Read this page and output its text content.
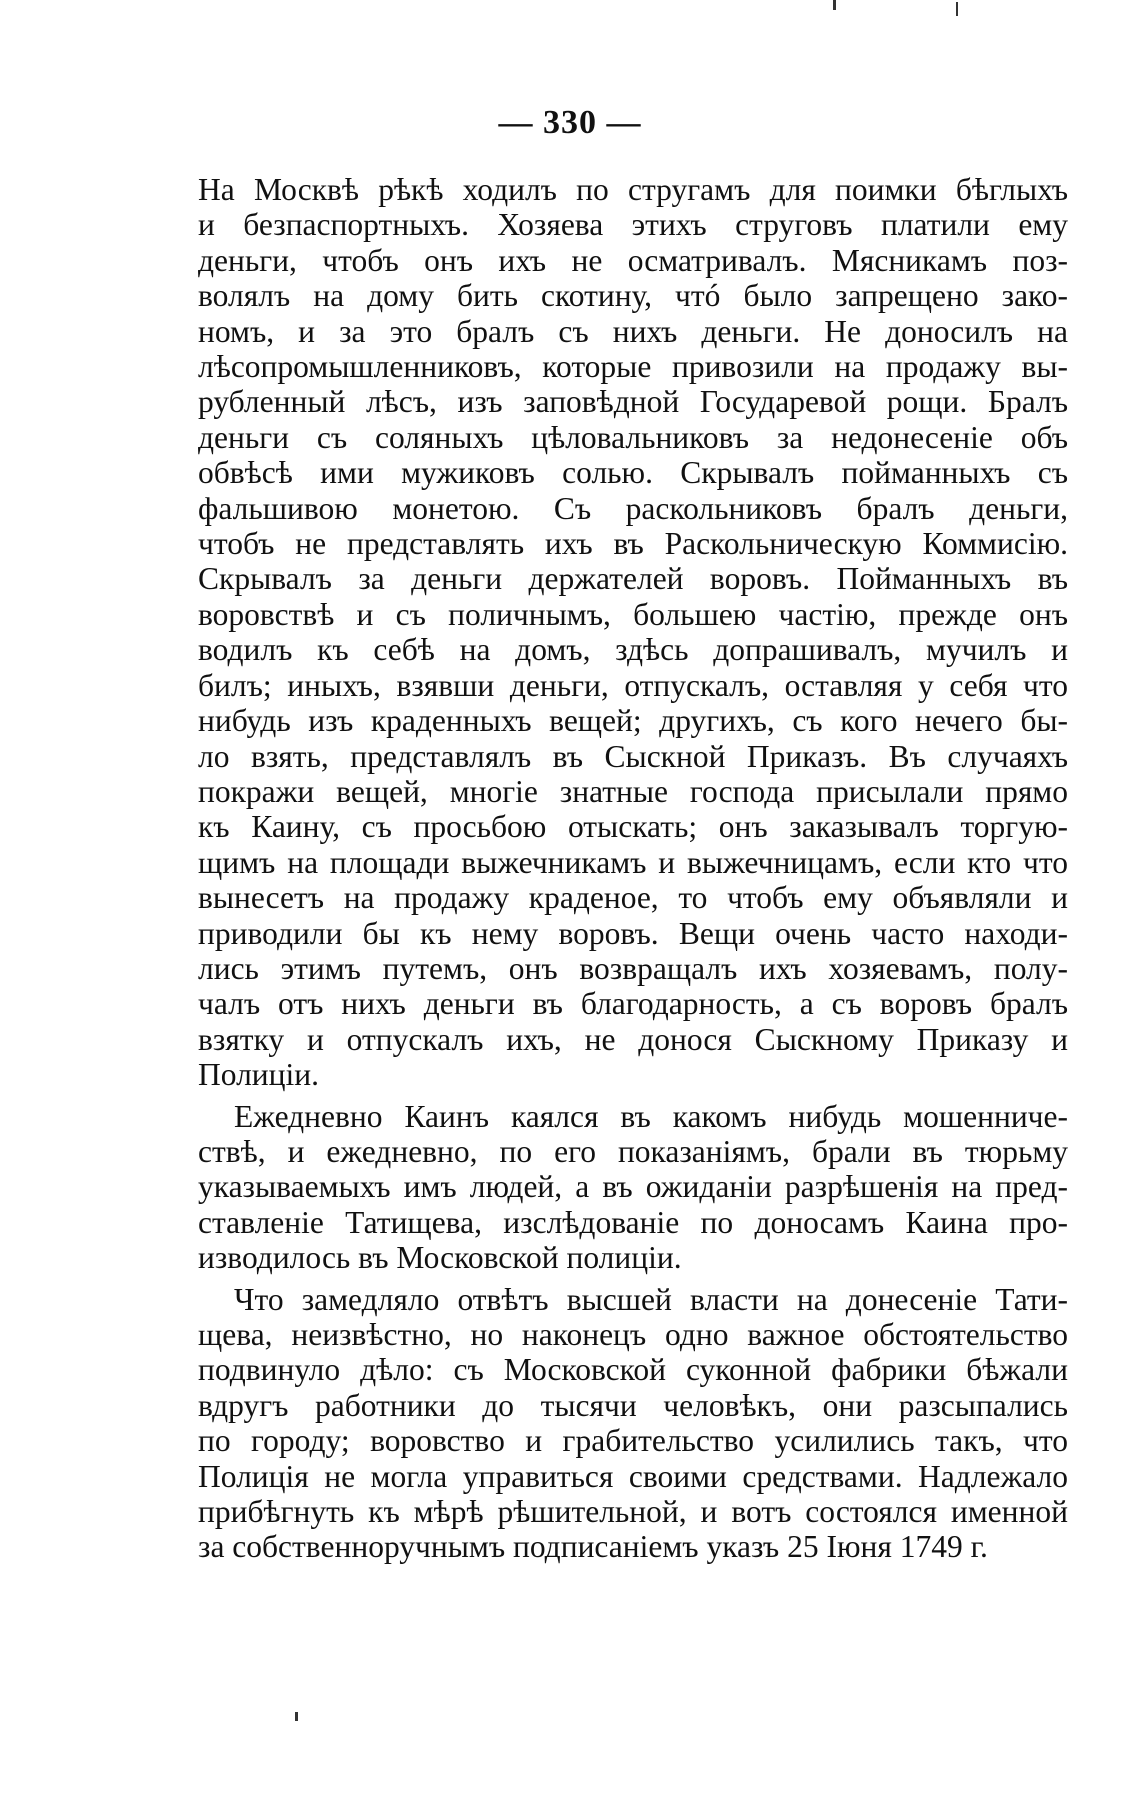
— 330 —

На Москвѣ рѣкѣ ходилъ по стругамъ для поимки бѣглыхъ
и безпаспортныхъ. Хозяева этихъ струговъ платили ему
деньги, чтобъ онъ ихъ не осматривалъ. Мясникамъ поз-
волялъ на дому бить скотину, чтó было запрещено зако-
номъ, и за это бралъ съ нихъ деньги. Не доносилъ на
лѣсопромышленниковъ, которые привозили на продажу вы-
рубленный лѣсъ, изъ заповѣдной Государевой рощи. Бралъ
деньги съ соляныхъ цѣловальниковъ за недонесеніе объ
обвѣсѣ ими мужиковъ солью. Скрывалъ пойманныхъ съ
фальшивою монетою. Съ раскольниковъ бралъ деньги,
чтобъ не представлять ихъ въ Раскольническую Коммисію.
Скрывалъ за деньги держателей воровъ. Пойманныхъ въ
воровствѣ и съ поличнымъ, большею частію, прежде онъ
водилъ къ себѣ на домъ, здѣсь допрашивалъ, мучилъ и
билъ; иныхъ, взявши деньги, отпускалъ, оставляя у себя что
нибудь изъ краденныхъ вещей; другихъ, съ кого нечего бы-
ло взять, представлялъ въ Сыскной Приказъ. Въ случаяхъ
покражи вещей, многіе знатные господа присылали прямо
къ Каину, съ просьбою отыскать; онъ заказывалъ торгую-
щимъ на площади выжечникамъ и выжечницамъ, если кто что
вынесетъ на продажу краденое, то чтобъ ему объявляли и
приводили бы къ нему воровъ. Вещи очень часто находи-
лись этимъ путемъ, онъ возвращалъ ихъ хозяевамъ, полу-
чалъ отъ нихъ деньги въ благодарность, а съ воровъ бралъ
взятку и отпускалъ ихъ, не донося Сыскному Приказу и
Полиціи.
Ежедневно Каинъ каялся въ какомъ нибудь мошенниче-
ствѣ, и ежедневно, по его показаніямъ, брали въ тюрьму
указываемыхъ имъ людей, а въ ожиданіи разрѣшенія на пред-
ставленіе Татищева, изслѣдованіе по доносамъ Каина про-
изводилось въ Московской полиціи.
Что замедляло отвѣтъ высшей власти на донесеніе Тати-
щева, неизвѣстно, но наконецъ одно важное обстоятельство
подвинуло дѣло: съ Московской суконной фабрики бѣжали
вдругъ работники до тысячи человѣкъ, они разсыпались
по городу; воровство и грабительство усилились такъ, что
Полиція не могла управиться своими средствами. Надлежало
прибѣгнуть къ мѣрѣ рѣшительной, и вотъ состоялся именной
за собственноручнымъ подписаніемъ указъ 25 Іюня 1749 г.
